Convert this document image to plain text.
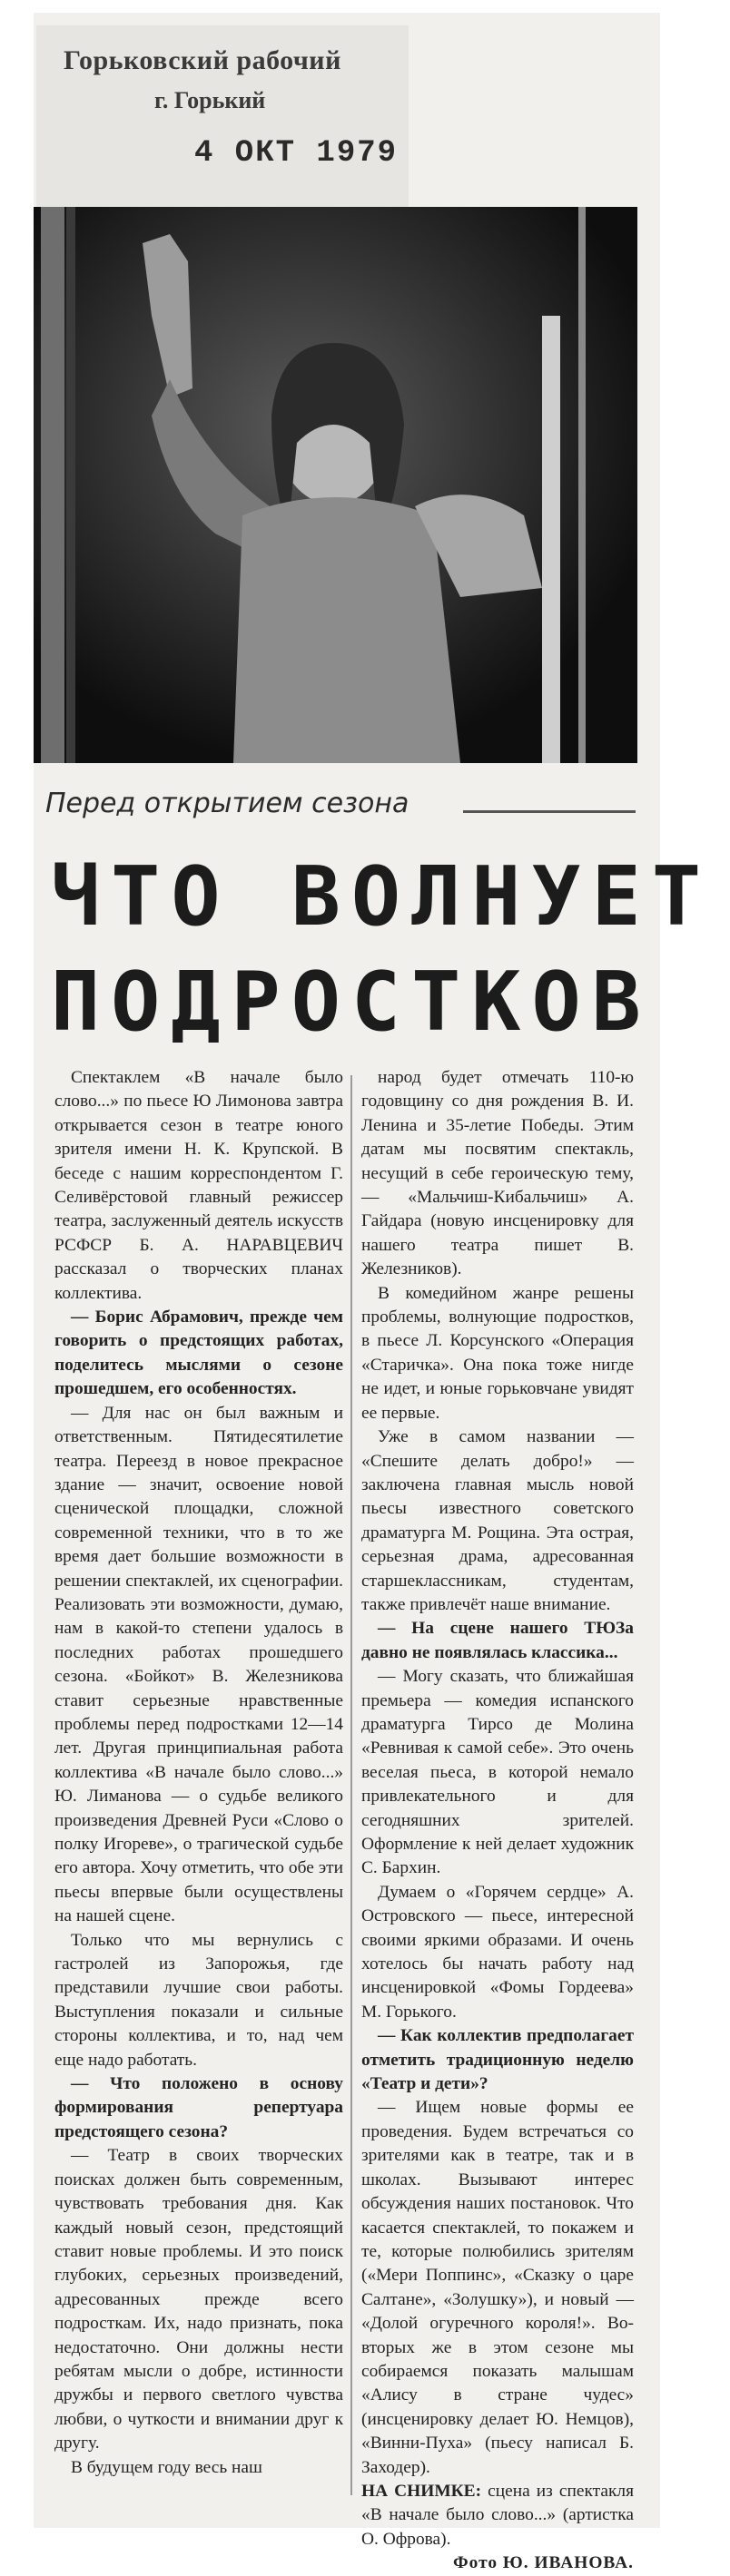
Горьковский рабочий
г. Горький
4 ОКТ 1979
Перед открытием сезона
ЧТО ВОЛНУЕТ
ПОДРОСТКОВ

Спектаклем «В начале было слово...» по пьесе Ю Лимонова завтра открывается сезон в театре юного зрителя имени Н. К. Крупской. В беседе с нашим корреспондентом Г. Селивёрстовой главный режиссер театра, заслуженный деятель искусств РСФСР Б. А. НАРАВЦЕВИЧ рассказал о творческих планах коллектива.

— Борис Абрамович, прежде чем говорить о предстоящих работах, поделитесь мыслями о сезоне прошедшем, его особенностях.

— Для нас он был важным и ответственным. Пятидесятилетие театра. Переезд в новое прекрасное здание — значит, освоение новой сценической площадки, сложной современной техники, что в то же время дает большие возможности в решении спектаклей, их сценографии. Реализовать эти возможности, думаю, нам в какой-то степени удалось в последних работах прошедшего сезона. «Бойкот» В. Железникова ставит серьезные нравственные проблемы перед подростками 12—14 лет. Другая принципиальная работа коллектива «В начале было слово...» Ю. Лиманова — о судьбе великого произведения Древней Руси «Слово о полку Игореве», о трагической судьбе его автора. Хочу отметить, что обе эти пьесы впервые были осуществлены на нашей сцене.

Только что мы вернулись с гастролей из Запорожья, где представили лучшие свои работы. Выступления показали и сильные стороны коллектива, и то, над чем еще надо работать.

— Что положено в основу формирования репертуара предстоящего сезона?

— Театр в своих творческих поисках должен быть современным, чувствовать требования дня. Как каждый новый сезон, предстоящий ставит новые проблемы. И это поиск глубоких, серьезных произведений, адресованных прежде всего подросткам. Их, надо признать, пока недостаточно. Они должны нести ребятам мысли о добре, истинности дружбы и первого светлого чувства любви, о чуткости и внимании друг к другу.

В будущем году весь наш

народ будет отмечать 110-ю годовщину со дня рождения В. И. Ленина и 35-летие Победы. Этим датам мы посвятим спектакль, несущий в себе героическую тему, — «Мальчиш-Кибальчиш» А. Гайдара (новую инсценировку для нашего театра пишет В. Железников).

В комедийном жанре решены проблемы, волнующие подростков, в пьесе Л. Корсунского «Операция «Старичка». Она пока тоже нигде не идет, и юные горьковчане увидят ее первые.

Уже в самом названии — «Спешите делать добро!» — заключена главная мысль новой пьесы известного советского драматурга М. Рощина. Эта острая, серьезная драма, адресованная старшеклассникам, студентам, также привлечёт наше внимание.

— На сцене нашего ТЮЗа давно не появлялась классика...

— Могу сказать, что ближайшая премьера — комедия испанского драматурга Тирсо де Молина «Ревнивая к самой себе». Это очень веселая пьеса, в которой немало привлекательного и для сегодняшних зрителей. Оформление к ней делает художник С. Бархин.

Думаем о «Горячем сердце» А. Островского — пьесе, интересной своими яркими образами. И очень хотелось бы начать работу над инсценировкой «Фомы Гордеева» М. Горького.

— Как коллектив предполагает отметить традиционную неделю «Театр и дети»?

— Ищем новые формы ее проведения. Будем встречаться со зрителями как в театре, так и в школах. Вызывают интерес обсуждения наших постановок. Что касается спектаклей, то покажем и те, которые полюбились зрителям («Мери Поппинс», «Сказку о царе Салтане», «Золушку»), и новый — «Долой огуречного короля!». Во-вторых же в этом сезоне мы собираемся показать малышам «Алису в стране чудес» (инсценировку делает Ю. Немцов), «Винни-Пуха» (пьесу написал Б. Заходер).

НА СНИМКЕ: сцена из спектакля «В начале было слово...» (артистка О. Офрова).

Фото Ю. ИВАНОВА.
